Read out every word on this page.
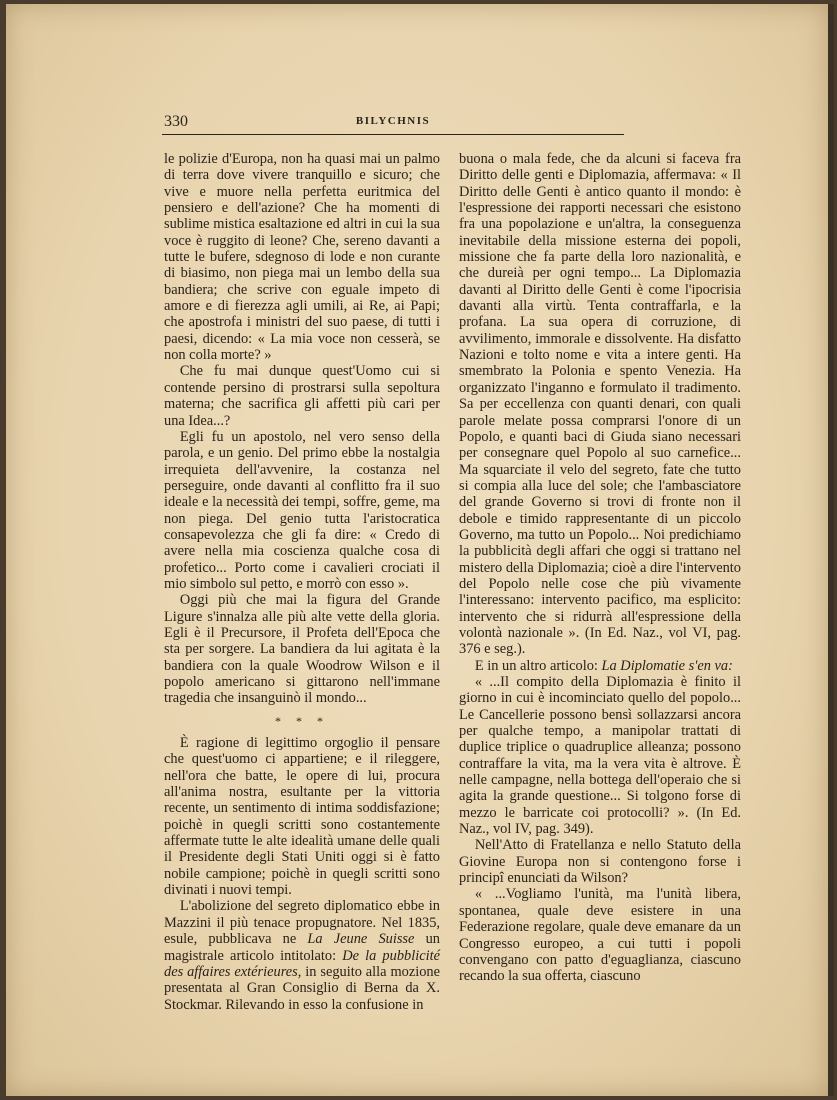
330	BILYCHNIS

le polizie d'Europa, non ha quasi mai un palmo di terra dove vivere tranquillo e sicuro; che vive e muore nella perfetta euritmica del pensiero e dell'azione? Che ha momenti di sublime mistica esaltazione ed altri in cui la sua voce è ruggito di leone? Che, sereno davanti a tutte le bufere, sdegnoso di lode e non curante di biasimo, non piega mai un lembo della sua bandiera; che scrive con eguale impeto di amore e di fierezza agli umili, ai Re, ai Papi; che apostrofa i ministri del suo paese, di tutti i paesi, dicendo: « La mia voce non cesserà, se non colla morte? »

Che fu mai dunque quest'Uomo cui si contende persino di prostrarsi sulla sepoltura materna; che sacrifica gli affetti più cari per una Idea...?

Egli fu un apostolo, nel vero senso della parola, e un genio. Del primo ebbe la nostalgia irrequieta dell'avvenire, la costanza nel perseguire, onde davanti al conflitto fra il suo ideale e la necessità dei tempi, soffre, geme, ma non piega. Del genio tutta l'aristocratica consapevolezza che gli fa dire: « Credo di avere nella mia coscienza qualche cosa di profetico... Porto come i cavalieri crociati il mio simbolo sul petto, e morrò con esso ».

Oggi più che mai la figura del Grande Ligure s'innalza alle più alte vette della gloria. Egli è il Precursore, il Profeta dell'Epoca che sta per sorgere. La bandiera da lui agitata è la bandiera con la quale Woodrow Wilson e il popolo americano si gittarono nell'immane tragedia che insanguinò il mondo...

* * *

È ragione di legittimo orgoglio il pensare che quest'uomo ci appartiene; e il rileggere, nell'ora che batte, le opere di lui, procura all'anima nostra, esultante per la vittoria recente, un sentimento di intima soddisfazione; poichè in quegli scritti sono costantemente affermate tutte le alte idealità umane delle quali il Presidente degli Stati Uniti oggi si è fatto nobile campione; poichè in quegli scritti sono divinati i nuovi tempi.

L'abolizione del segreto diplomatico ebbe in Mazzini il più tenace propugnatore. Nel 1835, esule, pubblicava ne La Jeune Suisse un magistrale articolo intitolato: De la pubblicité des affaires extérieures, in seguito alla mozione presentata al Gran Consiglio di Berna da X. Stockmar. Rilevando in esso la confusione in

buona o mala fede, che da alcuni si faceva fra Diritto delle genti e Diplomazia, affermava: « Il Diritto delle Genti è antico quanto il mondo: è l'espressione dei rapporti necessari che esistono fra una popolazione e un'altra, la conseguenza inevitabile della missione esterna dei popoli, missione che fa parte della loro nazionalità, e che dureià per ogni tempo... La Diplomazia davanti al Diritto delle Genti è come l'ipocrisia davanti alla virtù. Tenta contraffarla, e la profana. La sua opera di corruzione, di avvilimento, immorale e dissolvente. Ha disfatto Nazioni e tolto nome e vita a intere genti. Ha smembrato la Polonia e spento Venezia. Ha organizzato l'inganno e formulato il tradimento. Sa per eccellenza con quanti denari, con quali parole melate possa comprarsi l'onore di un Popolo, e quanti baci di Giuda siano necessari per consegnare quel Popolo al suo carnefice... Ma squarciate il velo del segreto, fate che tutto si compia alla luce del sole; che l'ambasciatore del grande Governo si trovi di fronte non il debole e timido rappresentante di un piccolo Governo, ma tutto un Popolo... Noi predichiamo la pubblicità degli affari che oggi si trattano nel mistero della Diplomazia; cioè a dire l'intervento del Popolo nelle cose che più vivamente l'interessano: intervento pacifico, ma esplicito: intervento che si ridurrà all'espressione della volontà nazionale ». (In Ed. Naz., vol VI, pag. 376 e seg.).

E in un altro articolo: La Diplomatie s'en va:

« ...Il compito della Diplomazia è finito il giorno in cui è incominciato quello del popolo... Le Cancellerie possono bensì sollazzarsi ancora per qualche tempo, a manipolar trattati di duplice triplice o quadruplice alleanza; possono contraffare la vita, ma la vera vita è altrove. È nelle campagne, nella bottega dell'operaio che si agita la grande questione... Si tolgono forse di mezzo le barricate coi protocolli? ». (In Ed. Naz., vol IV, pag. 349).

Nell'Atto di Fratellanza e nello Statuto della Giovine Europa non si contengono forse i principî enunciati da Wilson?

« ...Vogliamo l'unità, ma l'unità libera, spontanea, quale deve esistere in una Federazione regolare, quale deve emanare da un Congresso europeo, a cui tutti i popoli convengano con patto d'eguaglianza, ciascuno recando la sua offerta, ciascuno
